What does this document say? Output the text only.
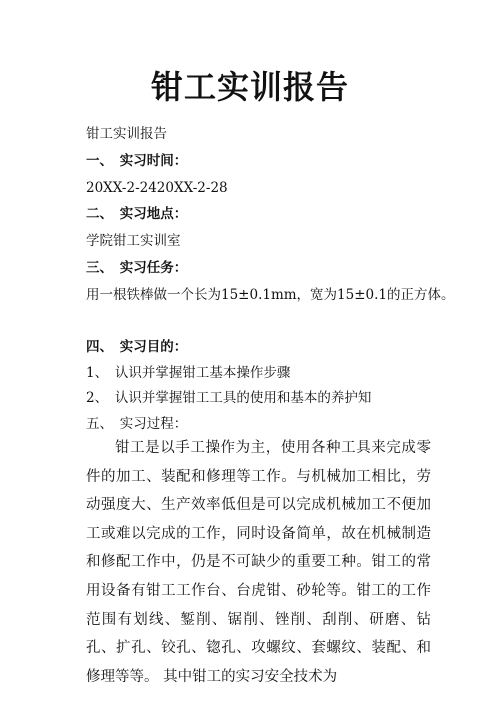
钳工实训报告
钳工实训报告
一、　实习时间：
20XX-2-2420XX-2-28
二、　实习地点：
学院钳工实训室
三、　实习任务：
用一根铁棒做一个长为15±0.1mm，宽为15±0.1的正方体。
四、　实习目的：
1、　认识并掌握钳工基本操作步骤
2、　认识并掌握钳工工具的使用和基本的养护知
五、　实习过程：
钳工是以手工操作为主，使用各种工具来完成零件的加工、装配和修理等工作。与机械加工相比，劳动强度大、生产效率低但是可以完成机械加工不便加工或难以完成的工作，同时设备简单，故在机械制造和修配工作中，仍是不可缺少的重要工种。钳工的常用设备有钳工工作台、台虎钳、砂轮等。钳工的工作范围有划线、錾削、锯削、锉削、刮削、研磨、钻孔、扩孔、铰孔、锪孔、攻螺纹、套螺纹、装配、和修理等等。 其中钳工的实习安全技术为
